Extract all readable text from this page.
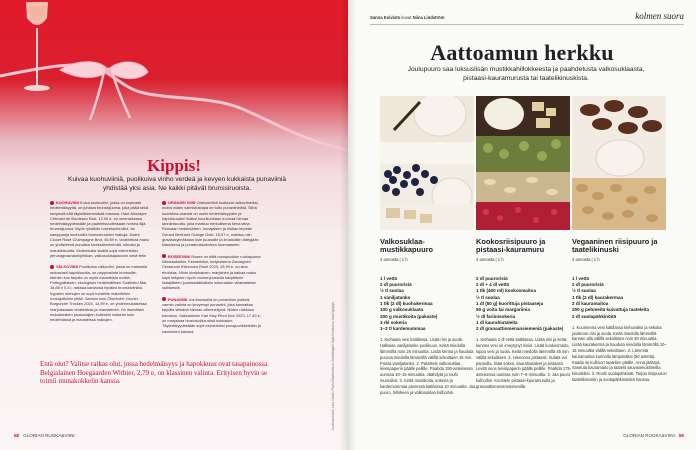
Kuvitusneuvot: Lasi, Nordic Photo/Shutterstock. Kohdekäynti: Ayla Koskinen / Aran työpaja
Kippis!

Kuivaa kuohuviiniä, puolikuiva vinho verdeä ja kevyen kukkaista punaviiniä yhdistää yksi asia. Ne kaikki pitävät brunssiruoista.

KUOHUVIINI Kuiva kuohuviini, jossa on sopivasti hedelmäisyyttä, on juhlava brunssijuoma, joka pitää sekä kevyestä että täyteläisemmästä maussa. Haut-Moulayre Crémant de Bordeaux Brut, 12,90 e, on omenaisessa hedelmäisyydessään ja paahteisuudessaan norkea äijä brunssijuoma. Myös ryhdikäs roseekuohuviini, tai samppanja kuohuviini brunssiruokien makuja. André Clouet Rosé Champagne Brut, 40,89 e, vivahteikas maku on yhdistelmä punaista kiveksähedelmää, sitrusta ja mausteisuutta. Mutkemalla sisällä sopii esimerkiksi perunagraavalohipihikan, valkosuklaapaccion sekä fetin

VALKOVIINI Puolikuiva valkoviini, jossa on makealla mukavasti hapokkuutta, on nappivalinta brunssille, etenkin kun tarjolla on myös mausteisia ruokia. Portugalilaisen, ekologisen hedelmällisen Soalheiro Mar, 16,88 e 0,3 l, raikkaa kantavaa hyväksi brunssiviiniksi. Kypsien mehujen ne sopii tuhdeille makeillekin ruokajuttuihin pitää. Samoin kuin Oberhofer Gruner Burgunder Trocken 2024, 14,99 e, on yhdenmukaisessa marjoissaaan vivahteikas ja mausteinen. On itsenäistä mukaisestien puolustajien kuitenkin makean kuin hedelmässä ja mausteissa makujen.

ORANSSI VIINI Oranssiviinit tuottavat valkoviineiksi, mutta niiden valmistustapa on tuttu punaviineistä. Siinä kuoriviina-oranssi on usein hedelmäisyyden ja hapokkuuden lisäksi kuorikonkaan tuomaa hienaa tanniinisuutta, joka maistuu herkullisena keruuviina. Runsaan hedelmäisen, hunajaisen ja hiukan kirpeän Gerard Bertrand Orange Gold, 15,97 e, maistuu niin gravlaxkylmäkalan kuin juustoille ja ilmaisiäkin äärtyjään klassisena ja puraanuskaimisen tuomaaseen.

ROSEEVIINI Rosee on riittä monipuolisin ruokajuoma kiltoiskakaihin. Esimerkiksi, kiviyksisena Zaccagnini Cerasuolo d'Abruzzo Rosé 2023, 15,99 e, on siva ehdokas. Viinin kirsikkainen, marjainen ja kaikaa maku sopii erityisen hyvin vuohenjuustolla sävyttäviin lisäajillisten juustosidäkkäisiin kokonaisiin villamaistisin suihkeisiin.

PUNAVIINI Jos brunssilla on punaviinin ystäviä, varmin valinta on kevyempi punaviini, joka kannattaa tarjoilla viileänä hieman viilennettynä. Niiden raikkaus korostuu. Saksalainen Karl May Pinot Noir 2023, 17,49 e, on marjaisaa hiostokukka-siinä kukkaisin. Täyteläisyydestään sopii esimerkiksi punajuurikkeleikin ja savulohen kanssa.

Entä olut? Valitse raikas olut, jossa hedelmäisyys ja hapokkuus ovat tasapainossa. Belgialainen Hoegaarden Witbier, 2,79 e, on klassinen valinta. Erityisen hyvin se toimii munakokkelin kanssa.

58 GLORIAN RUOKA&VIINI
Sanna Koivisto kuvat Niina Lindström	kolmen suora
Aattoamun herkku

Joulupuuro saa luksuslisän mustikkahillokkeesta ja paahdetusta valkosuklaasta, pistaasi-kauramurusta tai taatelikinuskista.

Valkosuklaa-mustikkapuuro
4 annosta | 1 h
1 l vettä
2 dl puurorisiä
½ tl suolaa
1 vaniljatanko
1 tlk (2 dl) kuohukermaa
100 g valkosuklaata
200 g mustikoita (pakaste)
3 rkl sokeria
1–2 tl kardemummaa

1. Kiehauta vesi kattilassa. Lisää riisi ja suola. Halkaise vaniljatanko puolikuun. Keitä miedolla lämmöllä noin 25 minuuttia. Lisää kerma ja hauduta puuroa miedolla lämmöllä välillä sekoittaen 15 min. Poista vaniljatanko. 2. Paloittele valkosuklaa leivinpaperin päälle pellille. Paahda 150-asteisessa uunissa 10–15 minuuttia. Jäähdytä ja rouhi murusiksi. 3. Keitä mustikoita, sokeria ja kardemummaa pienessä kattilassa 10 minuuttia. Jaa puuro, hillokeen ja valkosuklaa kulhoihin.

Kookosriisipuuro ja pistaasi-kauramuru
4 annosta | 1 h
2 dl puurorisiä
2 dl + 4 dl vettä
1 tlk (400 ml) kookosmaitoa
½ tl suolaa
1 dl (50 g) kuorittuja pistaaseja
50 g voita tai margariinia
½ dl fariinisokeria
1 dl kaurahiutaleita
2 dl granaattiomenansiemeniä (pakaste)

1. Kiehauta 2 dl vettä kattilassa. Lisää riisi ja keitä, kunnes vesi on imeytynyt riisiin. Lisää kookosmaito, loppu vesi ja suola. Keitä miedolla lämmöllä 45 min välillä sekoittaen. 2. Hienonna pistaasit. Sulata voi pannulla, lisää sokeri, kaurahiutaleet ja pistaasit. Levitä seos leivinpaperin päälle pellille. Paahda 175-asteisessa uunissa noin 7–8 minuuttia. 3. Jaa puuro kulhoihin. Koristele pistaasi-kauramurulla ja granaattiomenansiemenillä.

Vegaaninen riisipuuro ja taatelikinuski
4 annosta | 1 h
1 l vettä
2 dl puurorisiä
½ tl suolaa
1 tlk (2 dl) kaurakermaa
2 dl kauramaitoa
200 g pehmeitä kuivattuja taateleita
2 dl suolapähkinöitä

1. Kuumenna vesi kattilassa kiehuvaksi ja sekoita joukkoon riisi ja suola. Keitä miedolla lämmöllä kannen alla välillä sekoittaen noin 30 minuuttia. Lisää kaurakerma ja hauduta miedolla lämmöllä 10–15 minuuttia välillä sekoittaen. 2. Lämmitä kauramaitoa kunnolla lämpimäksi (50 astetta). Kaada se kulhoon taatelien päälle. Anna jäähtyä. Soseuta kauramaito ja taatelit sauvasekoittimella kinuskiksi. 3. Rouhi suolapähkinät. Tarjoa riisipuuron taatelikinuskin ja suolapähkinöiden kanssa.

GLORIAN RUOKA&VIINI 59
